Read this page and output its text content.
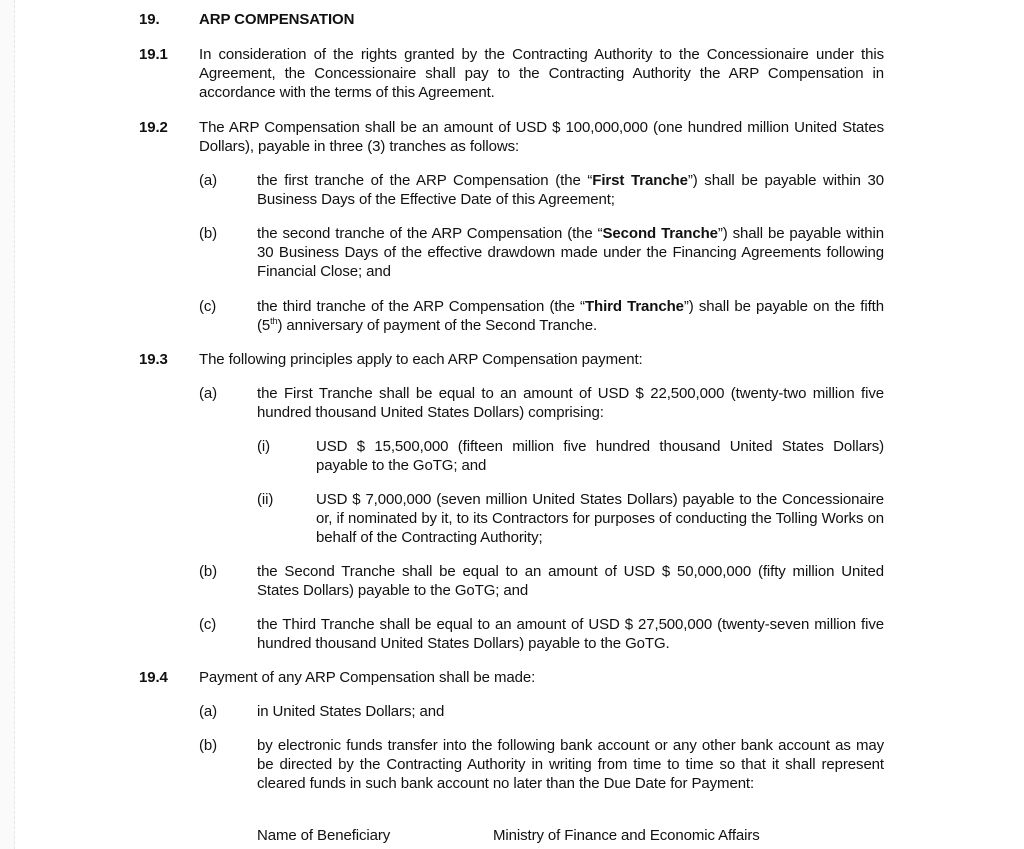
19.	ARP COMPENSATION
19.1 In consideration of the rights granted by the Contracting Authority to the Concessionaire under this Agreement, the Concessionaire shall pay to the Contracting Authority the ARP Compensation in accordance with the terms of this Agreement.
19.2 The ARP Compensation shall be an amount of USD $ 100,000,000 (one hundred million United States Dollars), payable in three (3) tranches as follows:
(a)	the first tranche of the ARP Compensation (the “First Tranche”) shall be payable within 30 Business Days of the Effective Date of this Agreement;
(b)	the second tranche of the ARP Compensation (the “Second Tranche”) shall be payable within 30 Business Days of the effective drawdown made under the Financing Agreements following Financial Close; and
(c)	the third tranche of the ARP Compensation (the “Third Tranche”) shall be payable on the fifth (5th) anniversary of payment of the Second Tranche.
19.3 The following principles apply to each ARP Compensation payment:
(a)	the First Tranche shall be equal to an amount of USD $ 22,500,000 (twenty-two million five hundred thousand United States Dollars) comprising:
(i)	USD $ 15,500,000 (fifteen million five hundred thousand United States Dollars) payable to the GoTG; and
(ii)	USD $ 7,000,000 (seven million United States Dollars) payable to the Concessionaire or, if nominated by it, to its Contractors for purposes of conducting the Tolling Works on behalf of the Contracting Authority;
(b)	the Second Tranche shall be equal to an amount of USD $ 50,000,000 (fifty million United States Dollars) payable to the GoTG; and
(c)	the Third Tranche shall be equal to an amount of USD $ 27,500,000 (twenty-seven million five hundred thousand United States Dollars) payable to the GoTG.
19.4 Payment of any ARP Compensation shall be made:
(a)	in United States Dollars; and
(b)	by electronic funds transfer into the following bank account or any other bank account as may be directed by the Contracting Authority in writing from time to time so that it shall represent cleared funds in such bank account no later than the Due Date for Payment:
Name of Beneficiary	Ministry of Finance and Economic Affairs
